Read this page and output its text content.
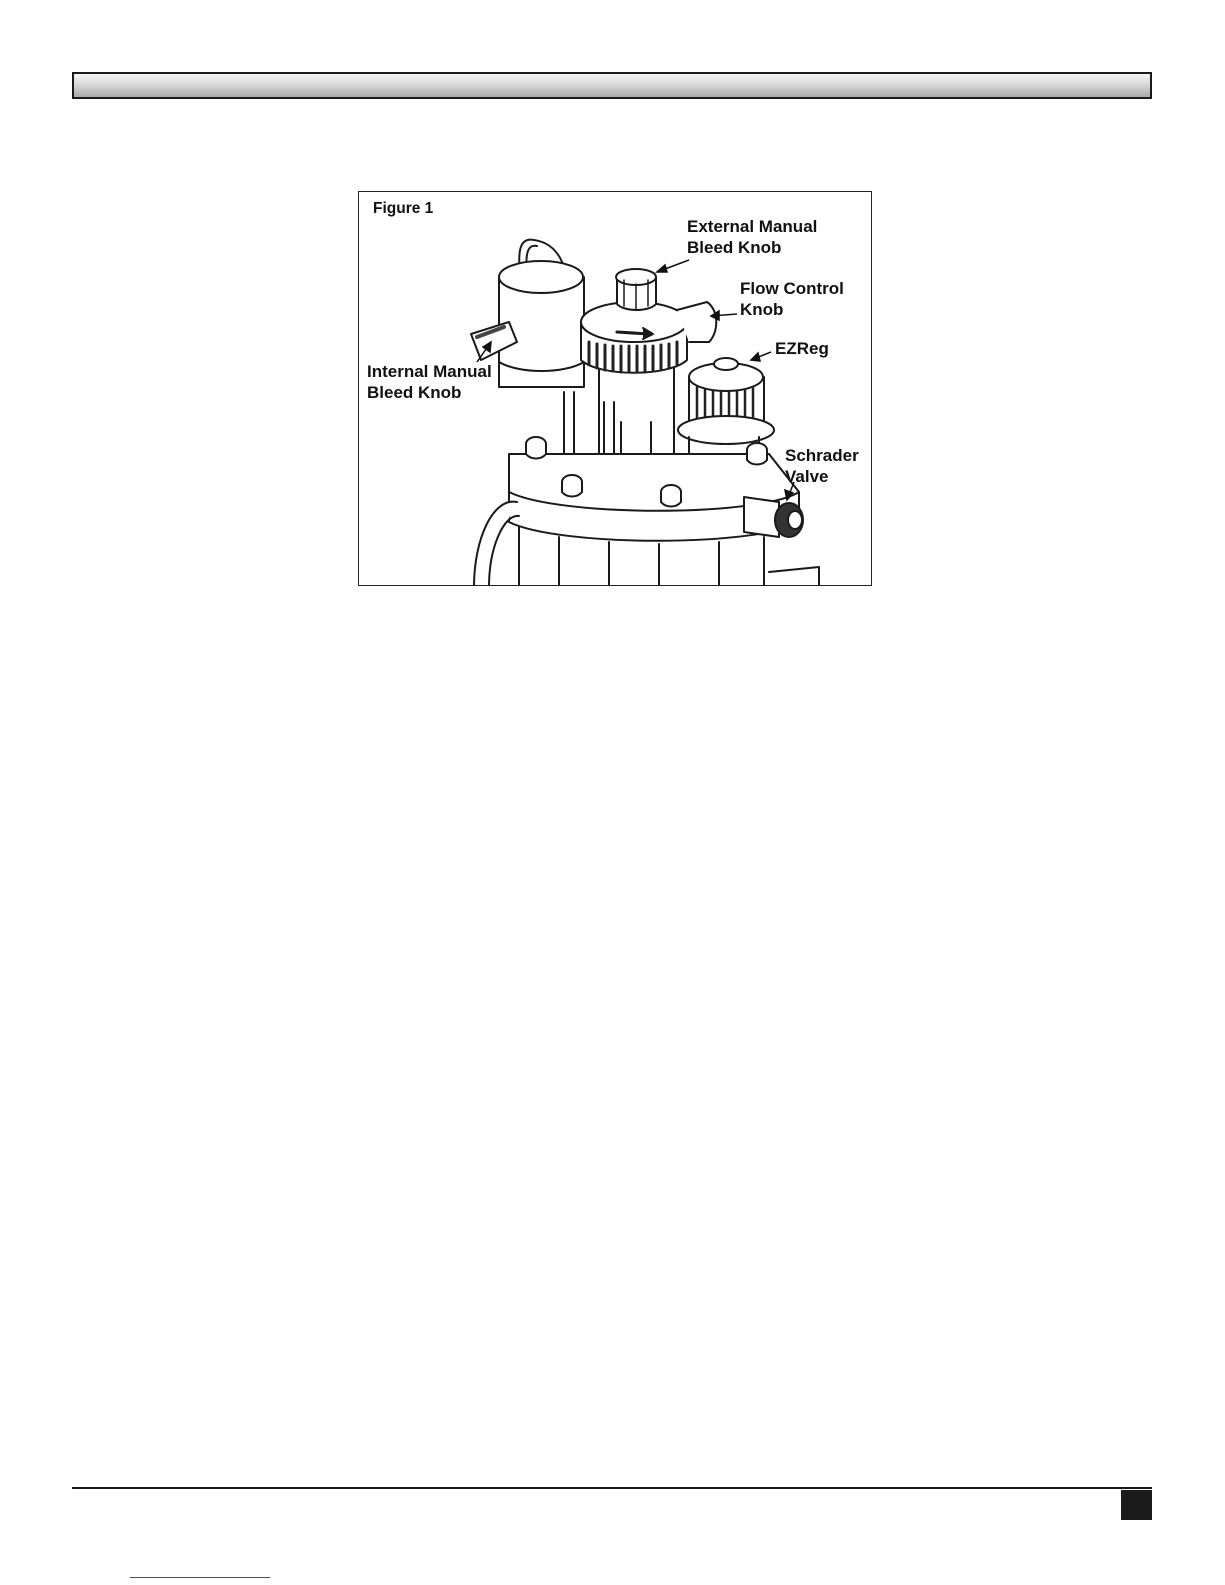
Figure 1
External Manual
Bleed Knob
Flow Control
Knob
EZReg
Internal Manual
Bleed Knob
Schrader
Valve
